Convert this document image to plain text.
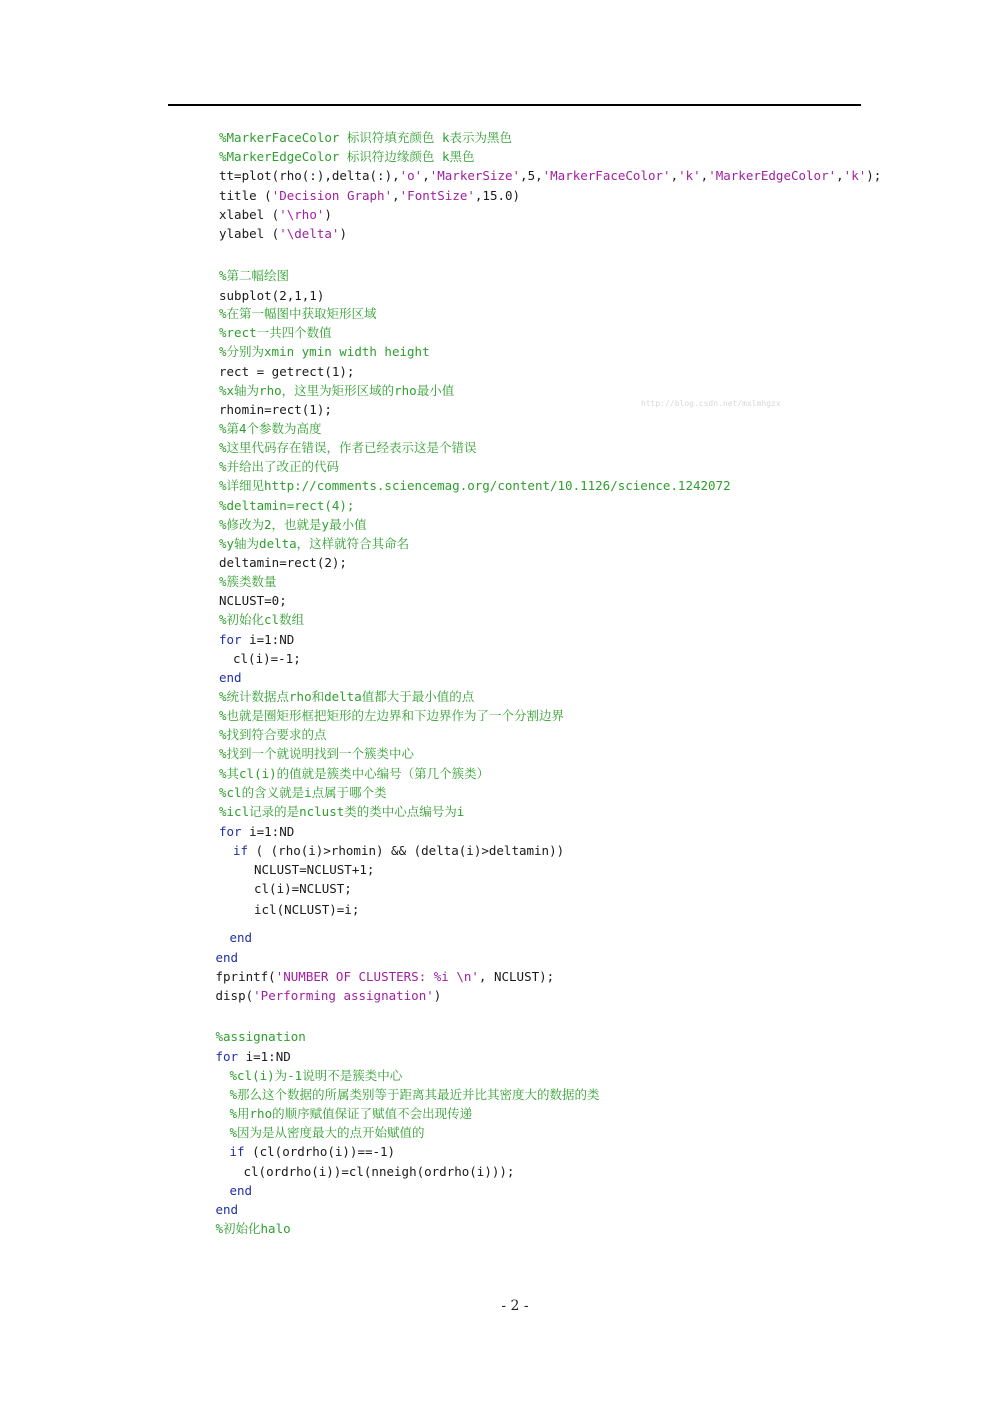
%MarkerFaceColor 标识符填充颜色 k表示为黑色
%MarkerEdgeColor 标识符边缘颜色 k黑色
tt=plot(rho(:),delta(:),'o','MarkerSize',5,'MarkerFaceColor','k','MarkerEdgeColor','k');
title ('Decision Graph','FontSize',15.0)
xlabel ('\rho')
ylabel ('\delta')
%第二幅绘图
subplot(2,1,1)
%在第一幅图中获取矩形区域
%rect一共四个数值
%分别为xmin ymin width height
rect = getrect(1);
%x轴为rho，这里为矩形区域的rho最小值
rhomin=rect(1);
%第4个参数为高度
%这里代码存在错误，作者已经表示这是个错误
%并给出了改正的代码
%详细见http://comments.sciencemag.org/content/10.1126/science.1242072
%deltamin=rect(4);
%修改为2，也就是y最小值
%y轴为delta，这样就符合其命名
deltamin=rect(2);
%簇类数量
NCLUST=0;
%初始化cl数组
for i=1:ND
cl(i)=-1;
end
%统计数据点rho和delta值都大于最小值的点
%也就是圈矩形框把矩形的左边界和下边界作为了一个分割边界
%找到符合要求的点
%找到一个就说明找到一个簇类中心
%其cl(i)的值就是簇类中心编号（第几个簇类）
%cl的含义就是i点属于哪个类
%icl记录的是nclust类的类中心点编号为i
for i=1:ND
if ( (rho(i)>rhomin) && (delta(i)>deltamin))
NCLUST=NCLUST+1;
cl(i)=NCLUST;
icl(NCLUST)=i;
end
end
fprintf('NUMBER OF CLUSTERS: %i \n', NCLUST);
disp('Performing assignation')
%assignation
for i=1:ND
%cl(i)为-1说明不是簇类中心
%那么这个数据的所属类别等于距离其最近并比其密度大的数据的类
%用rho的顺序赋值保证了赋值不会出现传递
%因为是从密度最大的点开始赋值的
if (cl(ordrho(i))==-1)
cl(ordrho(i))=cl(nneigh(ordrho(i)));
end
end
%初始化halo
http://blog.csdn.net/mxlmhgzx
- 2 -
